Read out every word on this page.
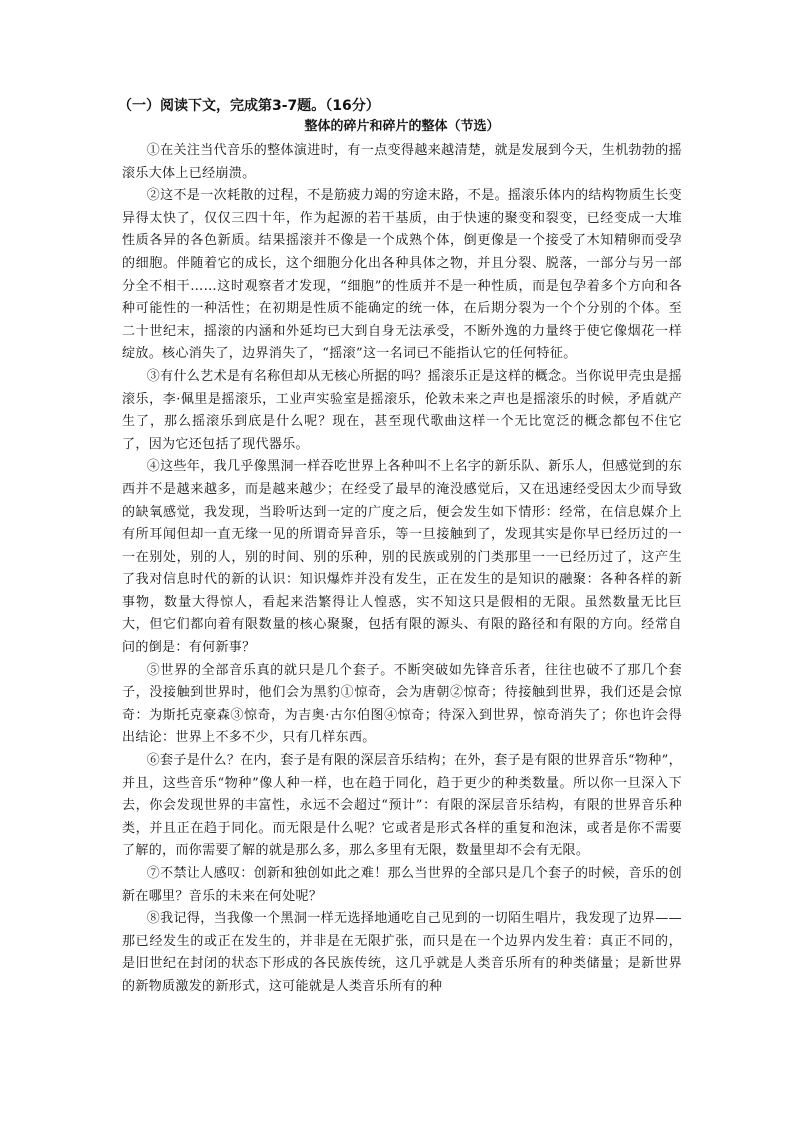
（一）阅读下文，完成第3-7题。（16分）
整体的碎片和碎片的整体（节选）

①在关注当代音乐的整体演进时，有一点变得越来越清楚，就是发展到今天，生机勃勃的摇滚乐大体上已经崩溃。

②这不是一次耗散的过程，不是筋疲力竭的穷途末路，不是。摇滚乐体内的结构物质生长变异得太快了，仅仅三四十年，作为起源的若干基质，由于快速的聚变和裂变，已经变成一大堆性质各异的各色新质。结果摇滚并不像是一个成熟个体，倒更像是一个接受了木知精卵而受孕的细胞。伴随着它的成长，这个细胞分化出各种具体之物，并且分裂、脱落，一部分与另一部分全不相干……这时观察者才发现，“细胞”的性质并不是一种性质，而是包孕着多个方向和各种可能性的一种活性；在初期是性质不能确定的统一体，在后期分裂为一个个分别的个体。至二十世纪末，摇滚的内涵和外延均已大到自身无法承受，不断外逸的力量终于使它像烟花一样绽放。核心消失了，边界消失了，“摇滚”这一名词已不能指认它的任何特征。

③有什么艺术是有名称但却从无核心所据的吗？摇滚乐正是这样的概念。当你说甲壳虫是摇滚乐，李·佩里是摇滚乐，工业声实验室是摇滚乐，伦敦未来之声也是摇滚乐的时候，矛盾就产生了，那么摇滚乐到底是什么呢？现在，甚至现代歌曲这样一个无比宽泛的概念都包不住它了，因为它还包括了现代器乐。

④这些年，我几乎像黑洞一样吞吃世界上各种叫不上名字的新乐队、新乐人，但感觉到的东西并不是越来越多，而是越来越少；在经受了最早的淹没感觉后，又在迅速经受因太少而导致的缺氧感觉，我发现，当聆听达到一定的广度之后，便会发生如下情形：经常，在信息媒介上有所耳闻但却一直无缘一见的所谓奇异音乐，等一旦接触到了，发现其实是你早已经历过的一一在别处，别的人，别的时间、别的乐种，别的民族或别的门类那里一一已经历过了，这产生了我对信息时代的新的认识：知识爆炸并没有发生，正在发生的是知识的融聚：各种各样的新事物，数量大得惊人，看起来浩繁得让人惶惑，实不知这只是假相的无限。虽然数量无比巨大，但它们都向着有限数量的核心聚聚，包括有限的源头、有限的路径和有限的方向。经常自问的倒是：有何新事？

⑤世界的全部音乐真的就只是几个套子。不断突破如先锋音乐者，往往也破不了那几个套子，没接触到世界时，他们会为黑豹①惊奇，会为唐朝②惊奇；待接触到世界，我们还是会惊奇：为斯托克豪森③惊奇，为吉奥·古尔伯图④惊奇；待深入到世界，惊奇消失了；你也许会得出结论：世界上不多不少，只有几样东西。

⑥套子是什么？在内，套子是有限的深层音乐结构；在外，套子是有限的世界音乐“物种”，并且，这些音乐“物种”像人种一样，也在趋于同化，趋于更少的种类数量。所以你一旦深入下去，你会发现世界的丰富性，永远不会超过“预计”：有限的深层音乐结构，有限的世界音乐种类，并且正在趋于同化。而无限是什么呢？它或者是形式各样的重复和泡沫，或者是你不需要了解的，而你需要了解的就是那么多，那么多里有无限，数量里却不会有无限。

⑦不禁让人感叹：创新和独创如此之难！那么当世界的全部只是几个套子的时候，音乐的创新在哪里？音乐的未来在何处呢？

⑧我记得，当我像一个黑洞一样无选择地通吃自己见到的一切陌生唱片，我发现了边界——那已经发生的或正在发生的，并非是在无限扩张，而只是在一个边界内发生着：真正不同的，是旧世纪在封闭的状态下形成的各民族传统，这几乎就是人类音乐所有的种类储量；是新世界的新物质激发的新形式，这可能就是人类音乐所有的种
